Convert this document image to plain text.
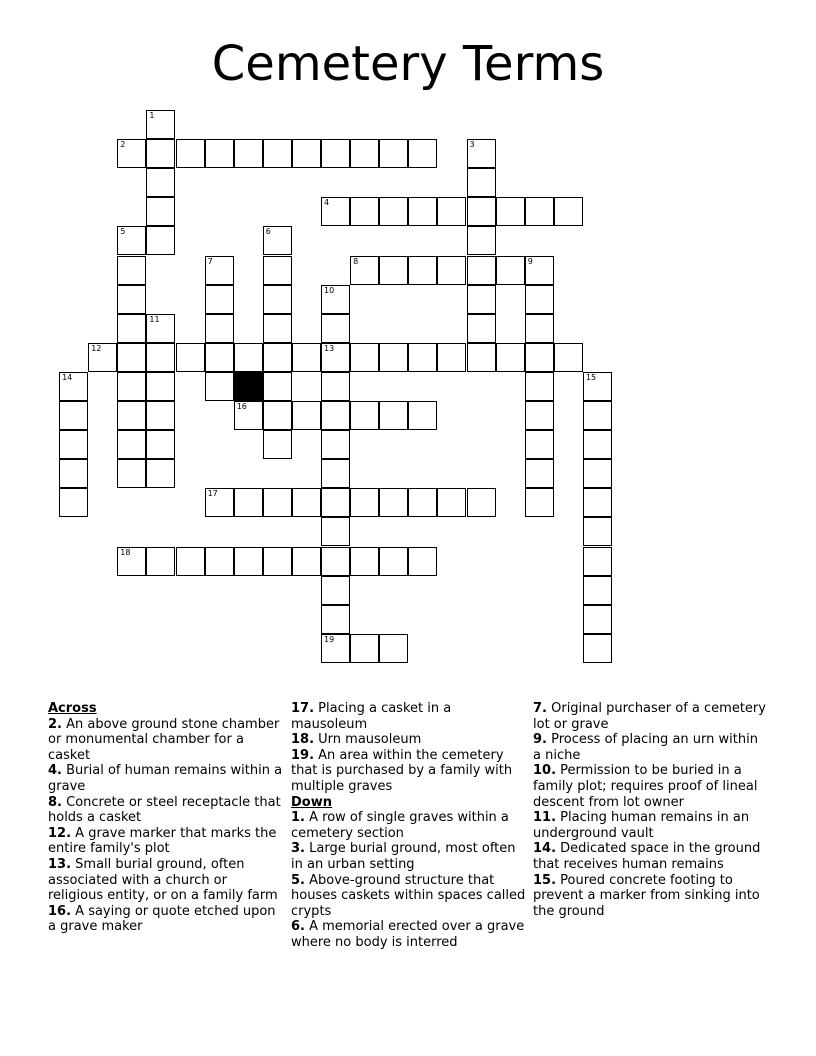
Cemetery Terms
2
4
8
12	13
16
17
18
19
1
3
5	6
7	9
10
11
14	15

Across

2. An above ground stone chamber or monumental chamber for a casket

4. Burial of human remains within a grave

8. Concrete or steel receptacle that holds a casket

12. A grave marker that marks the entire family's plot

13. Small burial ground, often associated with a church or religious entity, or on a family farm

16. A saying or quote etched upon a grave maker

17. Placing a casket in a mausoleum

18. Urn mausoleum

19. An area within the cemetery that is purchased by a family with multiple graves

Down

1. A row of single graves within a cemetery section

3. Large burial ground, most often in an urban setting

5. Above-ground structure that houses caskets within spaces called crypts

6. A memorial erected over a grave where no body is interred

7. Original purchaser of a cemetery lot or grave

9. Process of placing an urn within a niche

10. Permission to be buried in a family plot; requires proof of lineal descent from lot owner

11. Placing human remains in an underground vault

14. Dedicated space in the ground that receives human remains

15. Poured concrete footing to prevent a marker from sinking into the ground
